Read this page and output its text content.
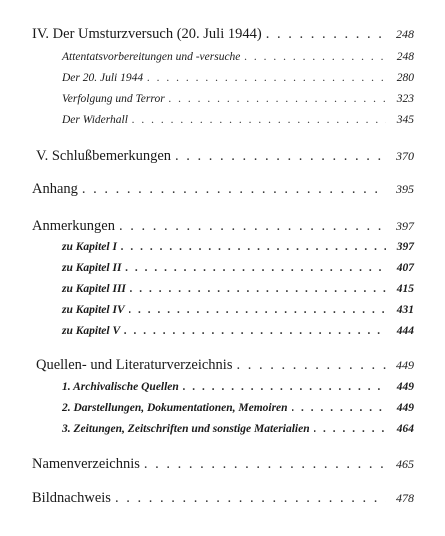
IV. Der Umsturzversuch (20. Juli 1944) . . .	248
Attentatsvorbereitungen und -versuche . . .	248
Der 20. Juli 1944 . . .	280
Verfolgung und Terror . . .	323
Der Widerhall . . .	345
V. Schlußbemerkungen . . .	370
Anhang . . .	395
Anmerkungen . . .	397
zu Kapitel I . . .	397
zu Kapitel II . . .	407
zu Kapitel III . . .	415
zu Kapitel IV . . .	431
zu Kapitel V . . .	444
Quellen- und Literaturverzeichnis . . .	449
1. Archivalische Quellen . . .	449
2. Darstellungen, Dokumentationen, Memoiren . . .	449
3. Zeitungen, Zeitschriften und sonstige Materialien . . .	464
Namenverzeichnis . . .	465
Bildnachweis . . .	478
